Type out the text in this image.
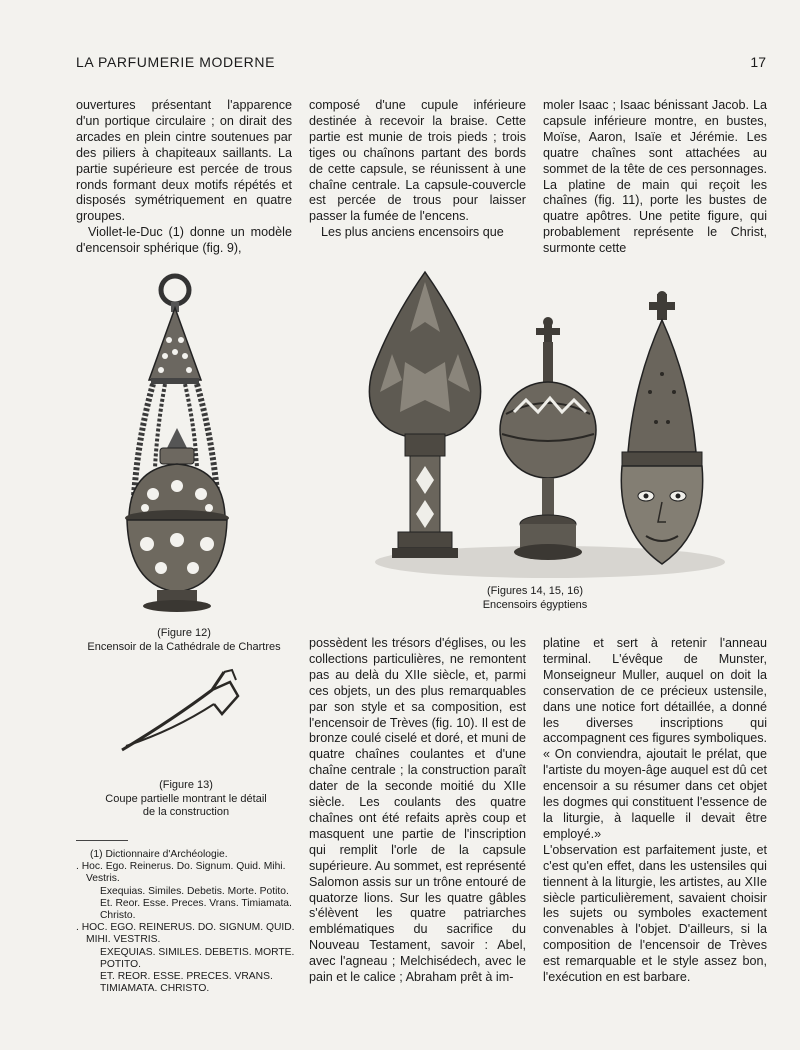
LA PARFUMERIE MODERNE	17

ouvertures présentant l'apparence d'un portique circulaire ; on dirait des arcades en plein cintre soutenues par des piliers à chapiteaux saillants. La partie supérieure est percée de trous ronds formant deux motifs répétés et disposés symétriquement en quatre groupes.

Viollet-le-Duc (1) donne un modèle d'encensoir sphérique (fig. 9),

composé d'une cupule inférieure destinée à recevoir la braise. Cette partie est munie de trois pieds ; trois tiges ou chaînons partant des bords de cette capsule, se réunissent à une chaîne centrale. La capsule-couvercle est percée de trous pour laisser passer la fumée de l'encens.

Les plus anciens encensoirs que

moler Isaac ; Isaac bénissant Jacob. La capsule inférieure montre, en bustes, Moïse, Aaron, Isaïe et Jérémie. Les quatre chaînes sont attachées au sommet de la tête de ces personnages. La platine de main qui reçoit les chaînes (fig. 11), porte les bustes de quatre apôtres. Une petite figure, qui probablement représente le Christ, surmonte cette

(Figure 12)
Encensoir de la Cathédrale de Chartres
(Figures 14, 15, 16)
Encensoirs égyptiens
(Figure 13)
Coupe partielle montrant le détail
de la construction

possèdent les trésors d'églises, ou les collections particulières, ne remontent pas au delà du XIIe siècle, et, parmi ces objets, un des plus remarquables par son style et sa composition, est l'encensoir de Trèves (fig. 10). Il est de bronze coulé ciselé et doré, et muni de quatre chaînes coulantes et d'une chaîne centrale ; la construction paraît dater de la seconde moitié du XIIe siècle. Les coulants des quatre chaînes ont été refaits après coup et masquent une partie de l'inscription qui remplit l'orle de la capsule supérieure. Au sommet, est représenté Salomon assis sur un trône entouré de quatorze lions. Sur les quatre gâbles s'élèvent les quatre patriarches emblématiques du sacrifice du Nouveau Testament, savoir : Abel, avec l'agneau ; Melchisédech, avec le pain et le calice ; Abraham prêt à im-

platine et sert à retenir l'anneau terminal. L'évêque de Munster, Monseigneur Muller, auquel on doit la conservation de ce précieux ustensile, dans une notice fort détaillée, a donné les diverses inscriptions qui accompagnent ces figures symboliques. « On conviendra, ajoutait le prélat, que l'artiste du moyen-âge auquel est dû cet encensoir a su résumer dans cet objet les dogmes qui constituent l'essence de la liturgie, à laquelle il devait être employé.»

L'observation est parfaitement juste, et c'est qu'en effet, dans les ustensiles qui tiennent à la liturgie, les artistes, au XIIe siècle particulièrement, savaient choisir les sujets ou symboles exactement convenables à l'objet. D'ailleurs, si la composition de l'encensoir de Trèves est remarquable et le style assez bon, l'exécution en est barbare.

(1) Dictionnaire d'Archéologie.

. Hoc. Ego. Reinerus. Do. Signum. Quid. Mihi. Vestris.

Exequias. Similes. Debetis. Morte. Potito.

Et. Reor. Esse. Preces. Vrans. Timiamata. Christo.

. HOC. EGO. REINERUS. DO. SIGNUM. QUID. MIHI. VESTRIS.

EXEQUIAS. SIMILES. DEBETIS. MORTE. POTITO.

ET. REOR. ESSE. PRECES. VRANS. TIMIAMATA. CHRISTO.
